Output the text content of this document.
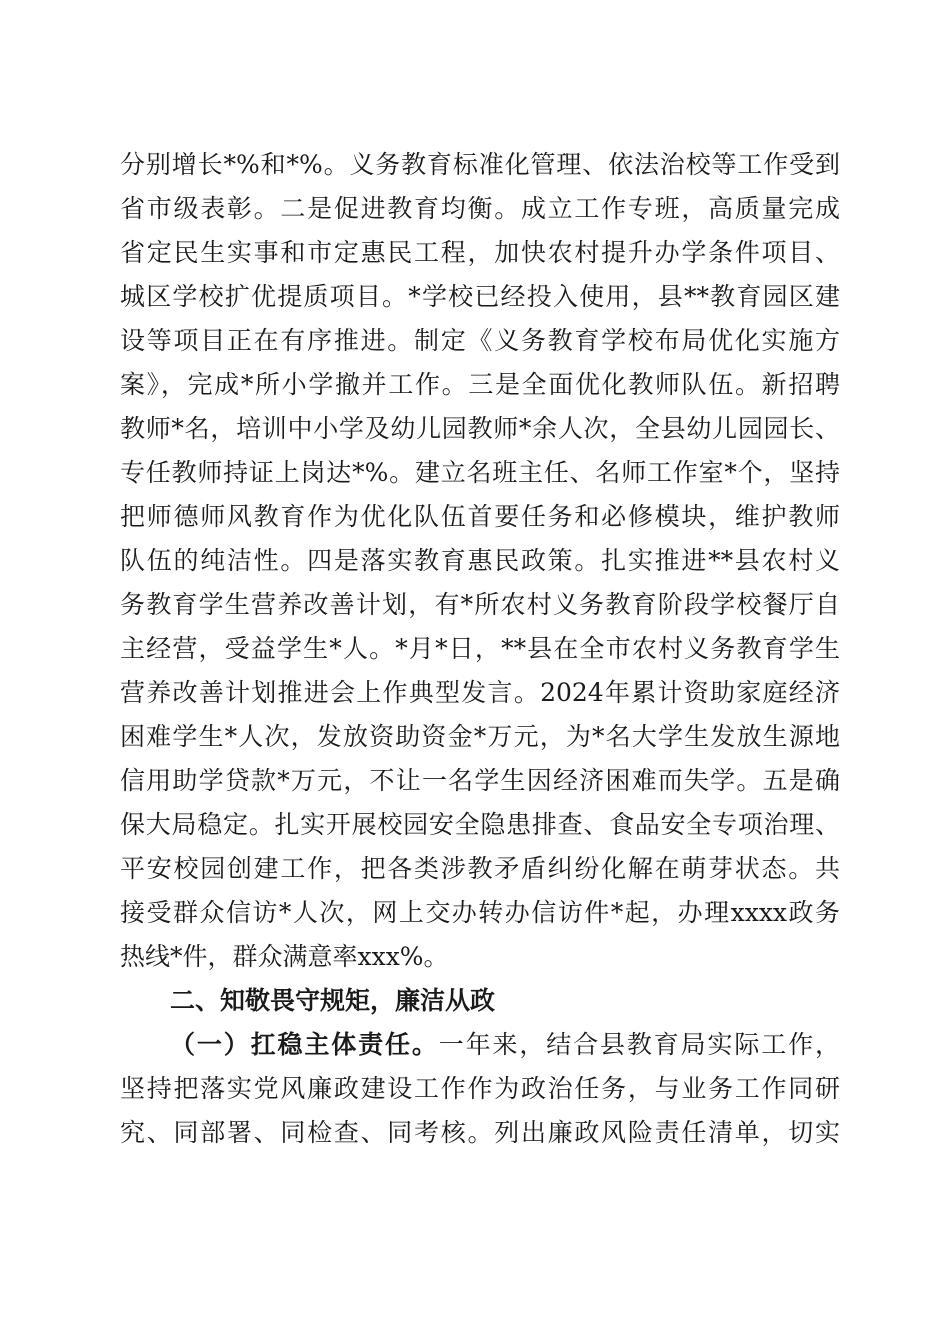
分别增长*%和*%。义务教育标准化管理、依法治校等工作受到
省市级表彰。二是促进教育均衡。成立工作专班，高质量完成
省定民生实事和市定惠民工程，加快农村提升办学条件项目、
城区学校扩优提质项目。*学校已经投入使用，县**教育园区建
设等项目正在有序推进。制定《义务教育学校布局优化实施方
案》，完成*所小学撤并工作。三是全面优化教师队伍。新招聘
教师*名，培训中小学及幼儿园教师*余人次，全县幼儿园园长、
专任教师持证上岗达*%。建立名班主任、名师工作室*个，坚持
把师德师风教育作为优化队伍首要任务和必修模块，维护教师
队伍的纯洁性。四是落实教育惠民政策。扎实推进**县农村义
务教育学生营养改善计划，有*所农村义务教育阶段学校餐厅自
主经营，受益学生*人。*月*日，**县在全市农村义务教育学生
营养改善计划推进会上作典型发言。2024年累计资助家庭经济
困难学生*人次，发放资助资金*万元，为*名大学生发放生源地
信用助学贷款*万元，不让一名学生因经济困难而失学。五是确
保大局稳定。扎实开展校园安全隐患排查、食品安全专项治理、
平安校园创建工作，把各类涉教矛盾纠纷化解在萌芽状态。共
接受群众信访*人次，网上交办转办信访件*起，办理xxxx政务
热线*件，群众满意率xxx%。
二、知敬畏守规矩，廉洁从政
（一）扛稳主体责任。一年来，结合县教育局实际工作，
坚持把落实党风廉政建设工作作为政治任务，与业务工作同研
究、同部署、同检查、同考核。列出廉政风险责任清单，切实
